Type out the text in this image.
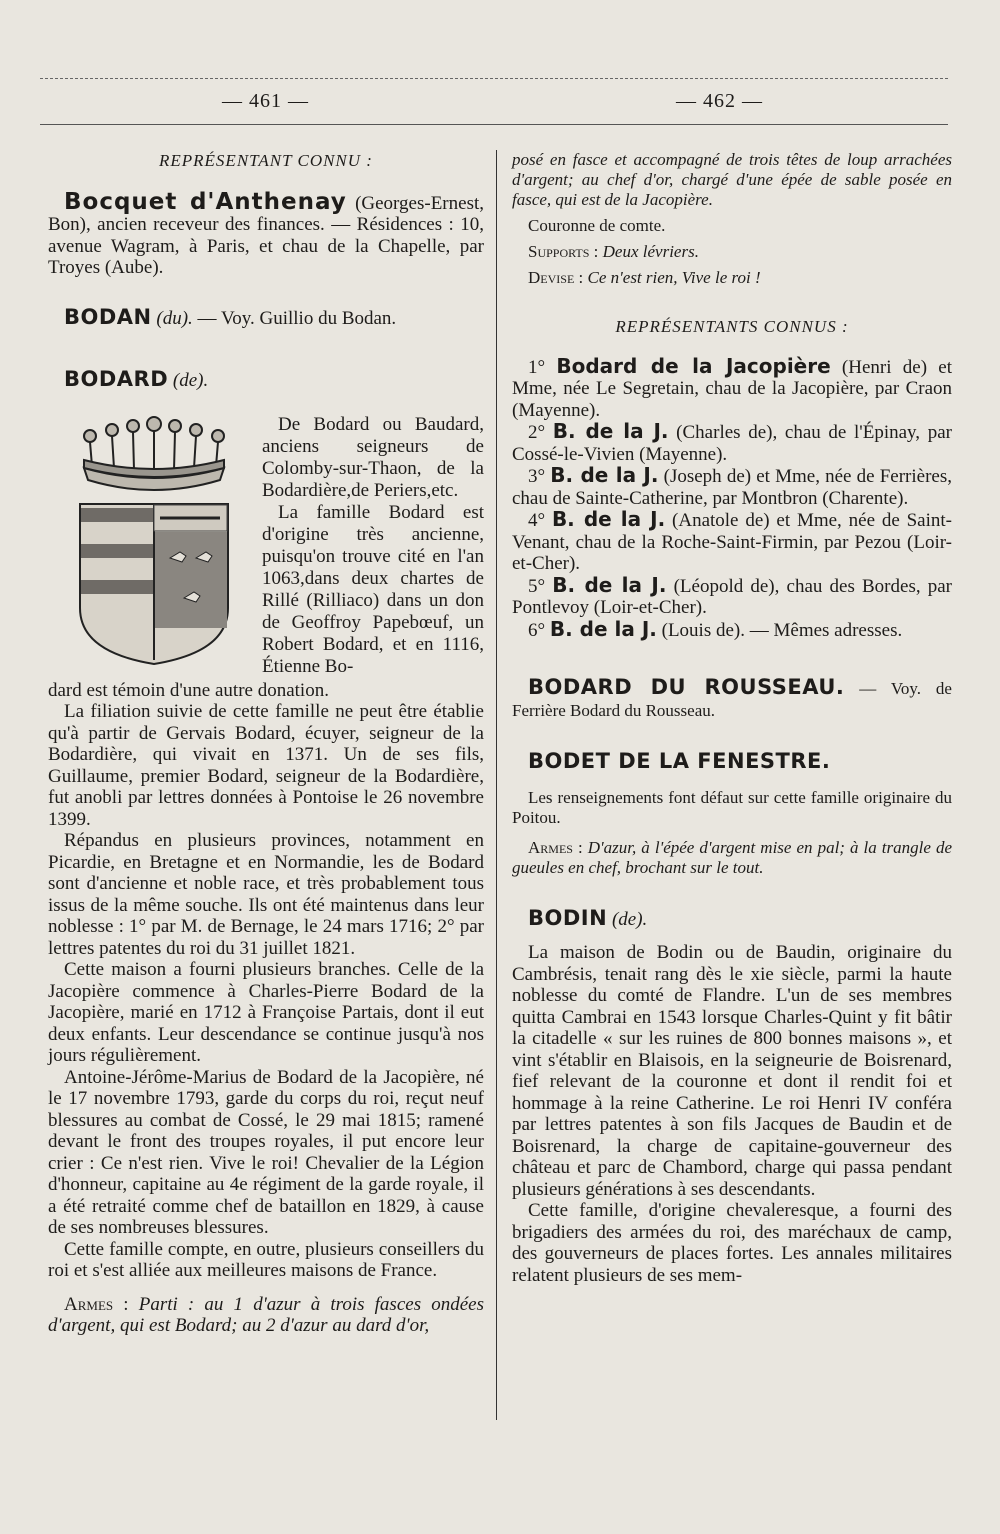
— 461 —	— 462 —

REPRÉSENTANT CONNU :

Bocquet d'Anthenay (Georges-Ernest, Bon), ancien receveur des finances. — Résidences : 10, avenue Wagram, à Paris, et chau de la Chapelle, par Troyes (Aube).

BODAN (du). — Voy. Guillio du Bodan.

BODARD (de).

De Bodard ou Baudard, anciens seigneurs de Colomby-sur-Thaon, de la Bodardière,de Periers,etc.

La famille Bodard est d'origine très ancienne, puisqu'on trouve cité en l'an 1063,dans deux chartes de Rillé (Rilliaco) dans un don de Geoffroy Papebœuf, un Robert Bodard, et en 1116, Étienne Bo-

dard est témoin d'une autre donation.

La filiation suivie de cette famille ne peut être établie qu'à partir de Gervais Bodard, écuyer, seigneur de la Bodardière, qui vivait en 1371. Un de ses fils, Guillaume, premier Bodard, seigneur de la Bodardière, fut anobli par lettres données à Pontoise le 26 novembre 1399.

Répandus en plusieurs provinces, notamment en Picardie, en Bretagne et en Normandie, les de Bodard sont d'ancienne et noble race, et très probablement tous issus de la même souche. Ils ont été maintenus dans leur noblesse : 1° par M. de Bernage, le 24 mars 1716; 2° par lettres patentes du roi du 31 juillet 1821.

Cette maison a fourni plusieurs branches. Celle de la Jacopière commence à Charles-Pierre Bodard de la Jacopière, marié en 1712 à Françoise Partais, dont il eut deux enfants. Leur descendance se continue jusqu'à nos jours régulièrement.

Antoine-Jérôme-Marius de Bodard de la Jacopière, né le 17 novembre 1793, garde du corps du roi, reçut neuf blessures au combat de Cossé, le 29 mai 1815; ramené devant le front des troupes royales, il put encore leur crier : Ce n'est rien. Vive le roi! Chevalier de la Légion d'honneur, capitaine au 4e régiment de la garde royale, il a été retraité comme chef de bataillon en 1829, à cause de ses nombreuses blessures.

Cette famille compte, en outre, plusieurs conseillers du roi et s'est alliée aux meilleures maisons de France.

Armes : Parti : au 1 d'azur à trois fasces ondées d'argent, qui est Bodard; au 2 d'azur au dard d'or,

posé en fasce et accompagné de trois têtes de loup arrachées d'argent; au chef d'or, chargé d'une épée de sable posée en fasce, qui est de la Jacopière.

Couronne de comte.

Supports : Deux lévriers.

Devise : Ce n'est rien, Vive le roi !

REPRÉSENTANTS CONNUS :

1° Bodard de la Jacopière (Henri de) et Mme, née Le Segretain, chau de la Jacopière, par Craon (Mayenne).

2° B. de la J. (Charles de), chau de l'Épinay, par Cossé-le-Vivien (Mayenne).

3° B. de la J. (Joseph de) et Mme, née de Ferrières, chau de Sainte-Catherine, par Montbron (Charente).

4° B. de la J. (Anatole de) et Mme, née de Saint-Venant, chau de la Roche-Saint-Firmin, par Pezou (Loir-et-Cher).

5° B. de la J. (Léopold de), chau des Bordes, par Pontlevoy (Loir-et-Cher).

6° B. de la J. (Louis de). — Mêmes adresses.

BODARD DU ROUSSEAU. — Voy. de Ferrière Bodard du Rousseau.

BODET DE LA FENESTRE.

Les renseignements font défaut sur cette famille originaire du Poitou.

Armes : D'azur, à l'épée d'argent mise en pal; à la trangle de gueules en chef, brochant sur le tout.

BODIN (de).

La maison de Bodin ou de Baudin, originaire du Cambrésis, tenait rang dès le xie siècle, parmi la haute noblesse du comté de Flandre. L'un de ses membres quitta Cambrai en 1543 lorsque Charles-Quint y fit bâtir la citadelle « sur les ruines de 800 bonnes maisons », et vint s'établir en Blaisois, en la seigneurie de Boisrenard, fief relevant de la couronne et dont il rendit foi et hommage à la reine Catherine. Le roi Henri IV conféra par lettres patentes à son fils Jacques de Baudin et de Boisrenard, la charge de capitaine-gouverneur des château et parc de Chambord, charge qui passa pendant plusieurs générations à ses descendants.

Cette famille, d'origine chevaleresque, a fourni des brigadiers des armées du roi, des maréchaux de camp, des gouverneurs de places fortes. Les annales militaires relatent plusieurs de ses mem-
